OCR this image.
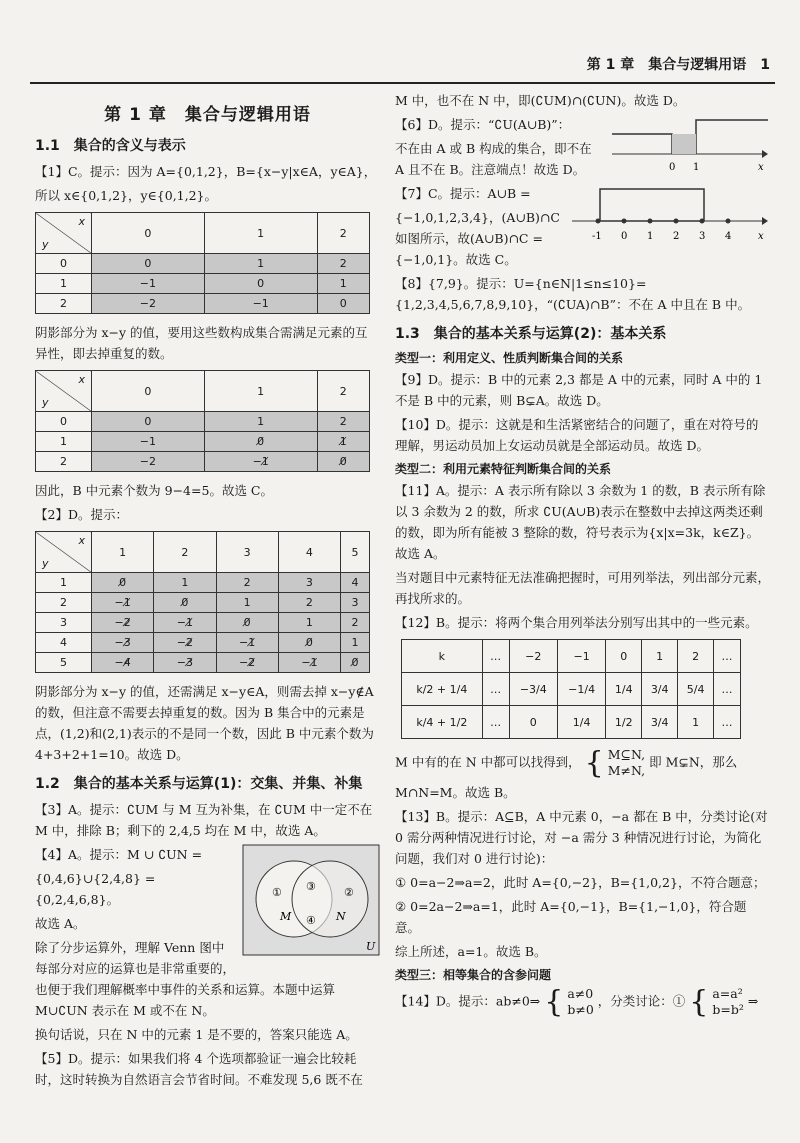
第 1 章　集合与逻辑用语　1
第 1 章　集合与逻辑用语
1.1　集合的含义与表示

【1】C。提示：因为 A={0,1,2}，B={x−y|x∈A，y∈A}，

所以 x∈{0,1,2}，y∈{0,1,2}。

x
y	0	1	2
0	0	1	2
1	−1	0	1
2	−2	−1	0

阴影部分为 x−y 的值，要用这些数构成集合需满足元素的互异性，即去掉重复的数。

x
y	0	1	2
0	0	1	2
1	−1	0̸	1̸
2	−2	−1̸	0̸

因此，B 中元素个数为 9−4=5。故选 C。

【2】D。提示：

x
y	1	2	3	4	5
1	0̸	1	2	3	4
2	−1̸	0̸	1	2	3
3	−2̸	−1̸	0̸	1	2
4	−3̸	−2̸	−1̸	0̸	1
5	−4̸	−3̸	−2̸	−1̸	0̸

阴影部分为 x−y 的值，还需满足 x−y∈A，则需去掉 x−y∉A 的数，但注意不需要去掉重复的数。因为 B 集合中的元素是点，(1,2)和(2,1)表示的不是同一个数，因此 B 中元素个数为 4+3+2+1=10。故选 D。

1.2　集合的基本关系与运算(1)：交集、并集、补集

【3】A。提示：∁UM 与 M 互为补集，在 ∁UM 中一定不在 M 中，排除 B；剩下的 2,4,5 均在 M 中，故选 A。

①	②
③
④
M	N
U

【4】A。提示：M ∪ ∁UN =

{0,4,6}∪{2,4,8} = {0,2,4,6,8}。

故选 A。

除了分步运算外，理解 Venn 图中每部分对应的运算也是非常重要的，也便于我们理解概率中事件的关系和运算。本题中运算 M∪∁UN 表示在 M 或不在 N。

换句话说，只在 N 中的元素 1 是不要的，答案只能选 A。

【5】D。提示：如果我们将 4 个选项都验证一遍会比较耗时，这时转换为自然语言会节省时间。不难发现 5,6 既不在

M 中，也不在 N 中，即(∁UM)∩(∁UN)。故选 D。

0 1	x

【6】D。提示：“∁U(A∪B)”：

不在由 A 或 B 构成的集合，即不在 A 且不在 B。注意端点！故选 D。

-1 0 1 2 3 4	x

【7】C。提示：A∪B =

{−1,0,1,2,3,4}，(A∪B)∩C 如图所示，故(A∪B)∩C = {−1,0,1}。故选 C。

【8】{7,9}。提示：U={n∈N|1≤n≤10}={1,2,3,4,5,6,7,8,9,10}，“(∁UA)∩B”：不在 A 中且在 B 中。

1.3　集合的基本关系与运算(2)：基本关系
类型一：利用定义、性质判断集合间的关系

【9】D。提示：B 中的元素 2,3 都是 A 中的元素，同时 A 中的 1 不是 B 中的元素，则 B⊊A。故选 D。

【10】D。提示：这就是和生活紧密结合的问题了，重在对符号的理解，男运动员加上女运动员就是全部运动员。故选 D。

类型二：利用元素特征判断集合间的关系

【11】A。提示：A 表示所有除以 3 余数为 1 的数，B 表示所有除以 3 余数为 2 的数，所求 ∁U(A∪B)表示在整数中去掉这两类还剩的数，即为所有能被 3 整除的数，符号表示为{x|x=3k，k∈Z}。故选 A。

当对题目中元素特征无法准确把握时，可用列举法，列出部分元素，再找所求的。

【12】B。提示：将两个集合用列举法分别写出其中的一些元素。

k	…	−2	−1	0	1	2	…
k/2 + 1/4	…	−3/4	−1/4	1/4	3/4	5/4	…
k/4 + 1/2	…	0	1/4	1/2	3/4	1	…

M 中有的在 N 中都可以找得到， { M⊆N,
M≠N, 即 M⊊N，那么

M∩N=M。故选 B。

【13】B。提示：A⊆B，A 中元素 0，−a 都在 B 中，分类讨论(对 0 需分两种情况进行讨论，对 −a 需分 3 种情况进行讨论，为简化问题，我们对 0 进行讨论)：

① 0=a−2⇒a=2，此时 A={0,−2}，B={1,0,2}，不符合题意；

② 0=2a−2⇒a=1，此时 A={0,−1}，B={1,−1,0}，符合题意。

综上所述，a=1。故选 B。

类型三：相等集合的含参问题

【14】D。提示：ab≠0⇒ { a≠0
b≠0 ，分类讨论：① { a=a²
b=b² ⇒
